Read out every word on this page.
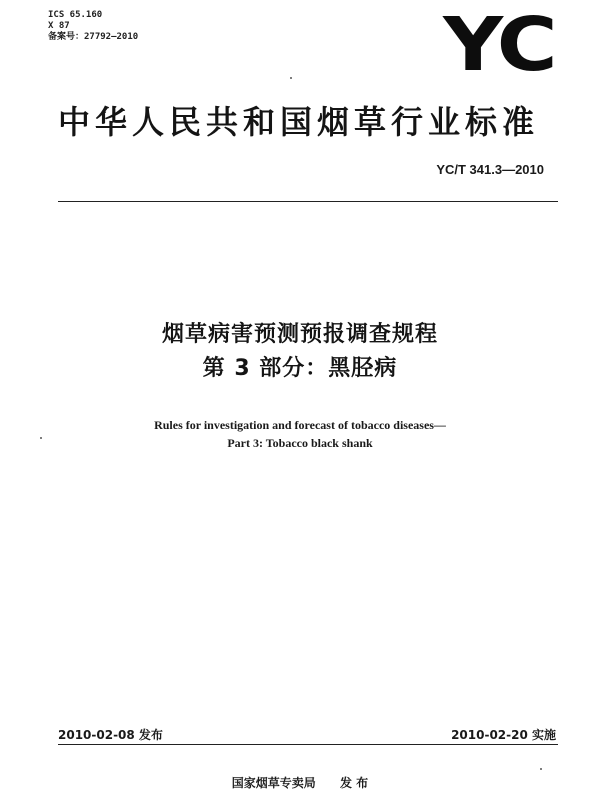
ICS 65.160
X 87
备案号：27792—2010	YC
中华人民共和国烟草行业标准
YC/T 341.3—2010
烟草病害预测预报调查规程
第 3 部分：黑胫病
Rules for investigation and forecast of tobacco diseases—
Part 3: Tobacco black shank
2010-02-08 发布	2010-02-20 实施
国家烟草专卖局 发 布
